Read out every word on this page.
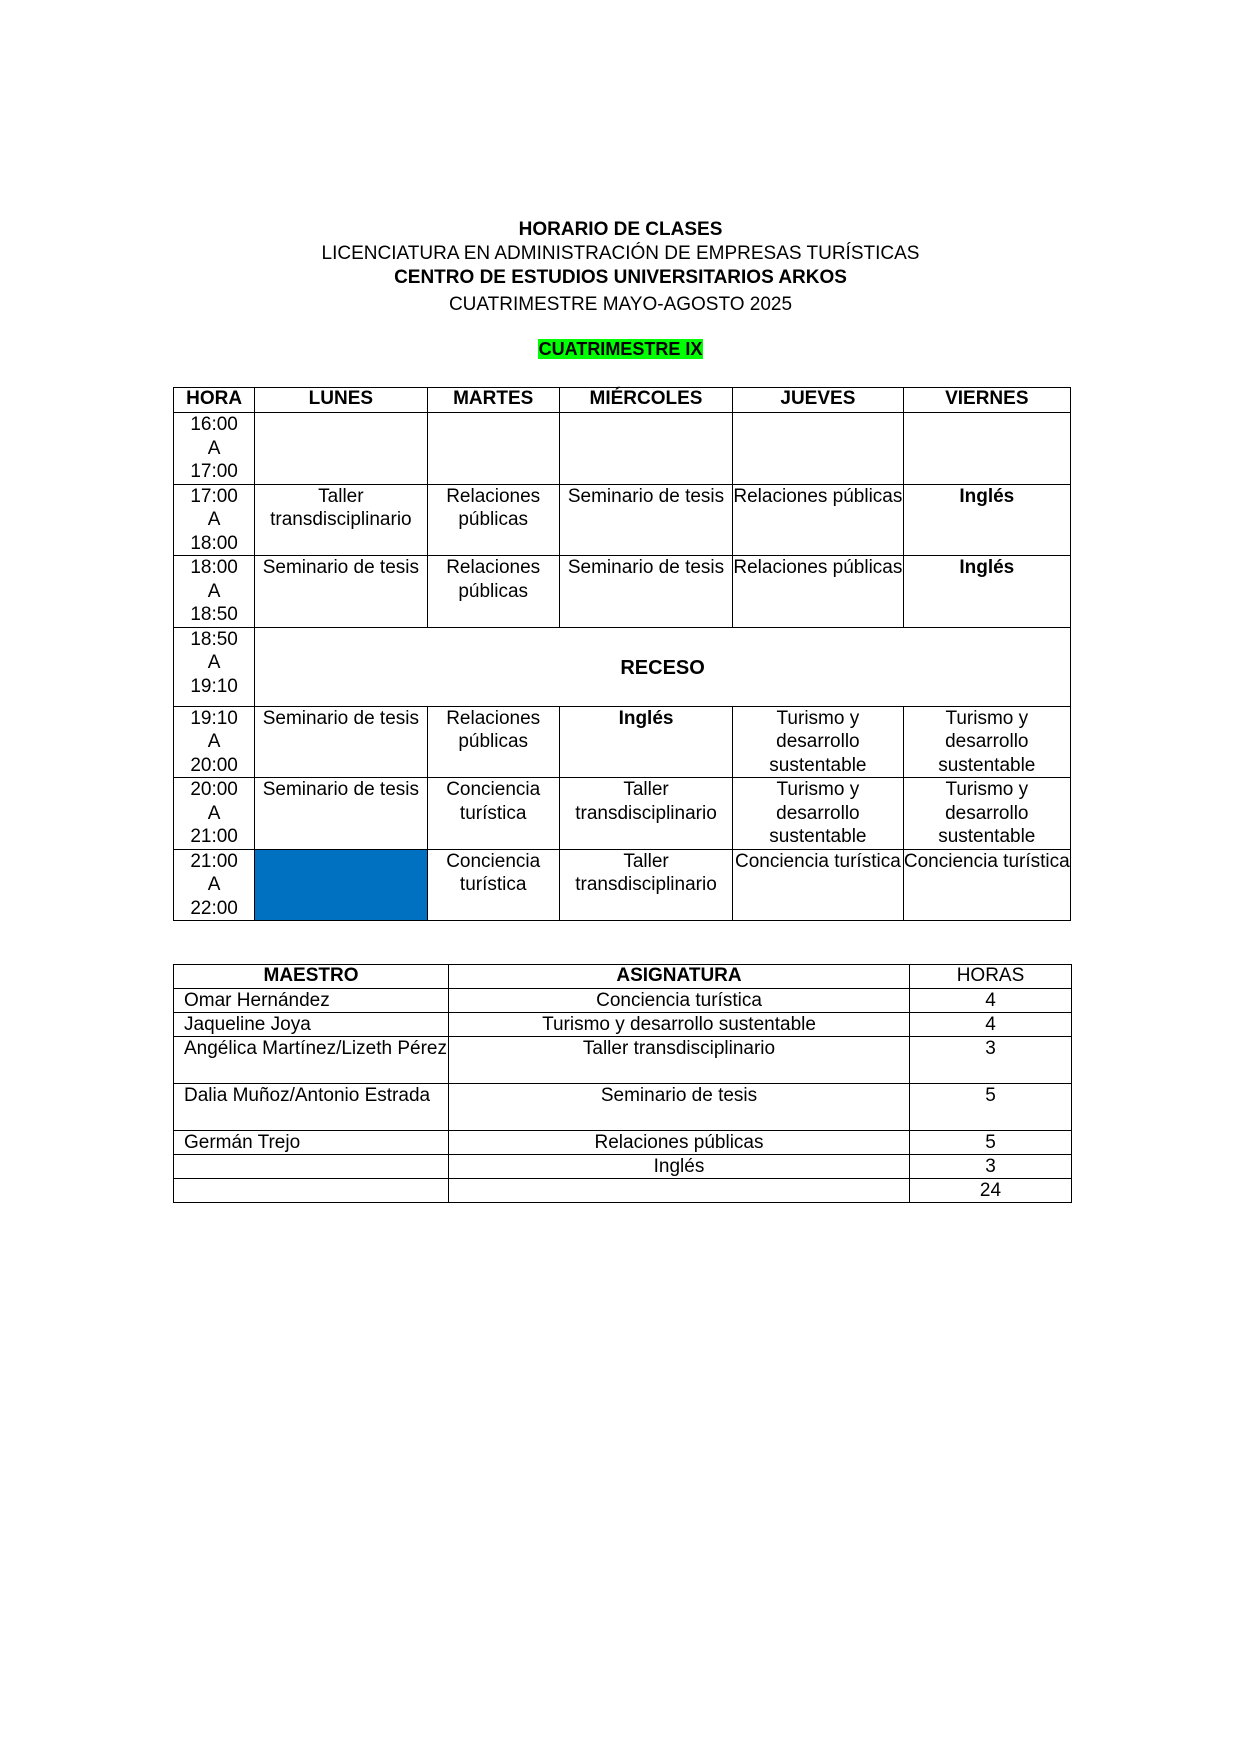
HORARIO DE CLASES
LICENCIATURA EN ADMINISTRACIÓN DE EMPRESAS TURÍSTICAS
CENTRO DE ESTUDIOS UNIVERSITARIOS ARKOS
CUATRIMESTRE MAYO-AGOSTO 2025
CUATRIMESTRE IX
HORA	LUNES	MARTES	MIÉRCOLES	JUEVES	VIERNES

16:00
A
17:00					

17:00
A
18:00	Taller transdisciplinario	Relaciones públicas	Seminario de tesis	Relaciones públicas	Inglés

18:00
A
18:50	Seminario de tesis	Relaciones públicas	Seminario de tesis	Relaciones públicas	Inglés

18:50
A
19:10	RECESO				

19:10
A
20:00	Seminario de tesis	Relaciones públicas	Inglés	Turismo y desarrollo sustentable	Turismo y desarrollo sustentable

20:00
A
21:00	Seminario de tesis	Conciencia turística	Taller transdisciplinario	Turismo y desarrollo sustentable	Turismo y desarrollo sustentable

21:00
A
22:00		Conciencia turística	Taller transdisciplinario	Conciencia turística	Conciencia turística
MAESTRO	ASIGNATURA	HORAS
Omar Hernández	Conciencia turística	4
Jaqueline Joya	Turismo y desarrollo sustentable	4
Angélica Martínez/Lizeth Pérez	Taller transdisciplinario	3
Dalia Muñoz/Antonio Estrada	Seminario de tesis	5
Germán Trejo	Relaciones públicas	5
	Inglés	3
		24
